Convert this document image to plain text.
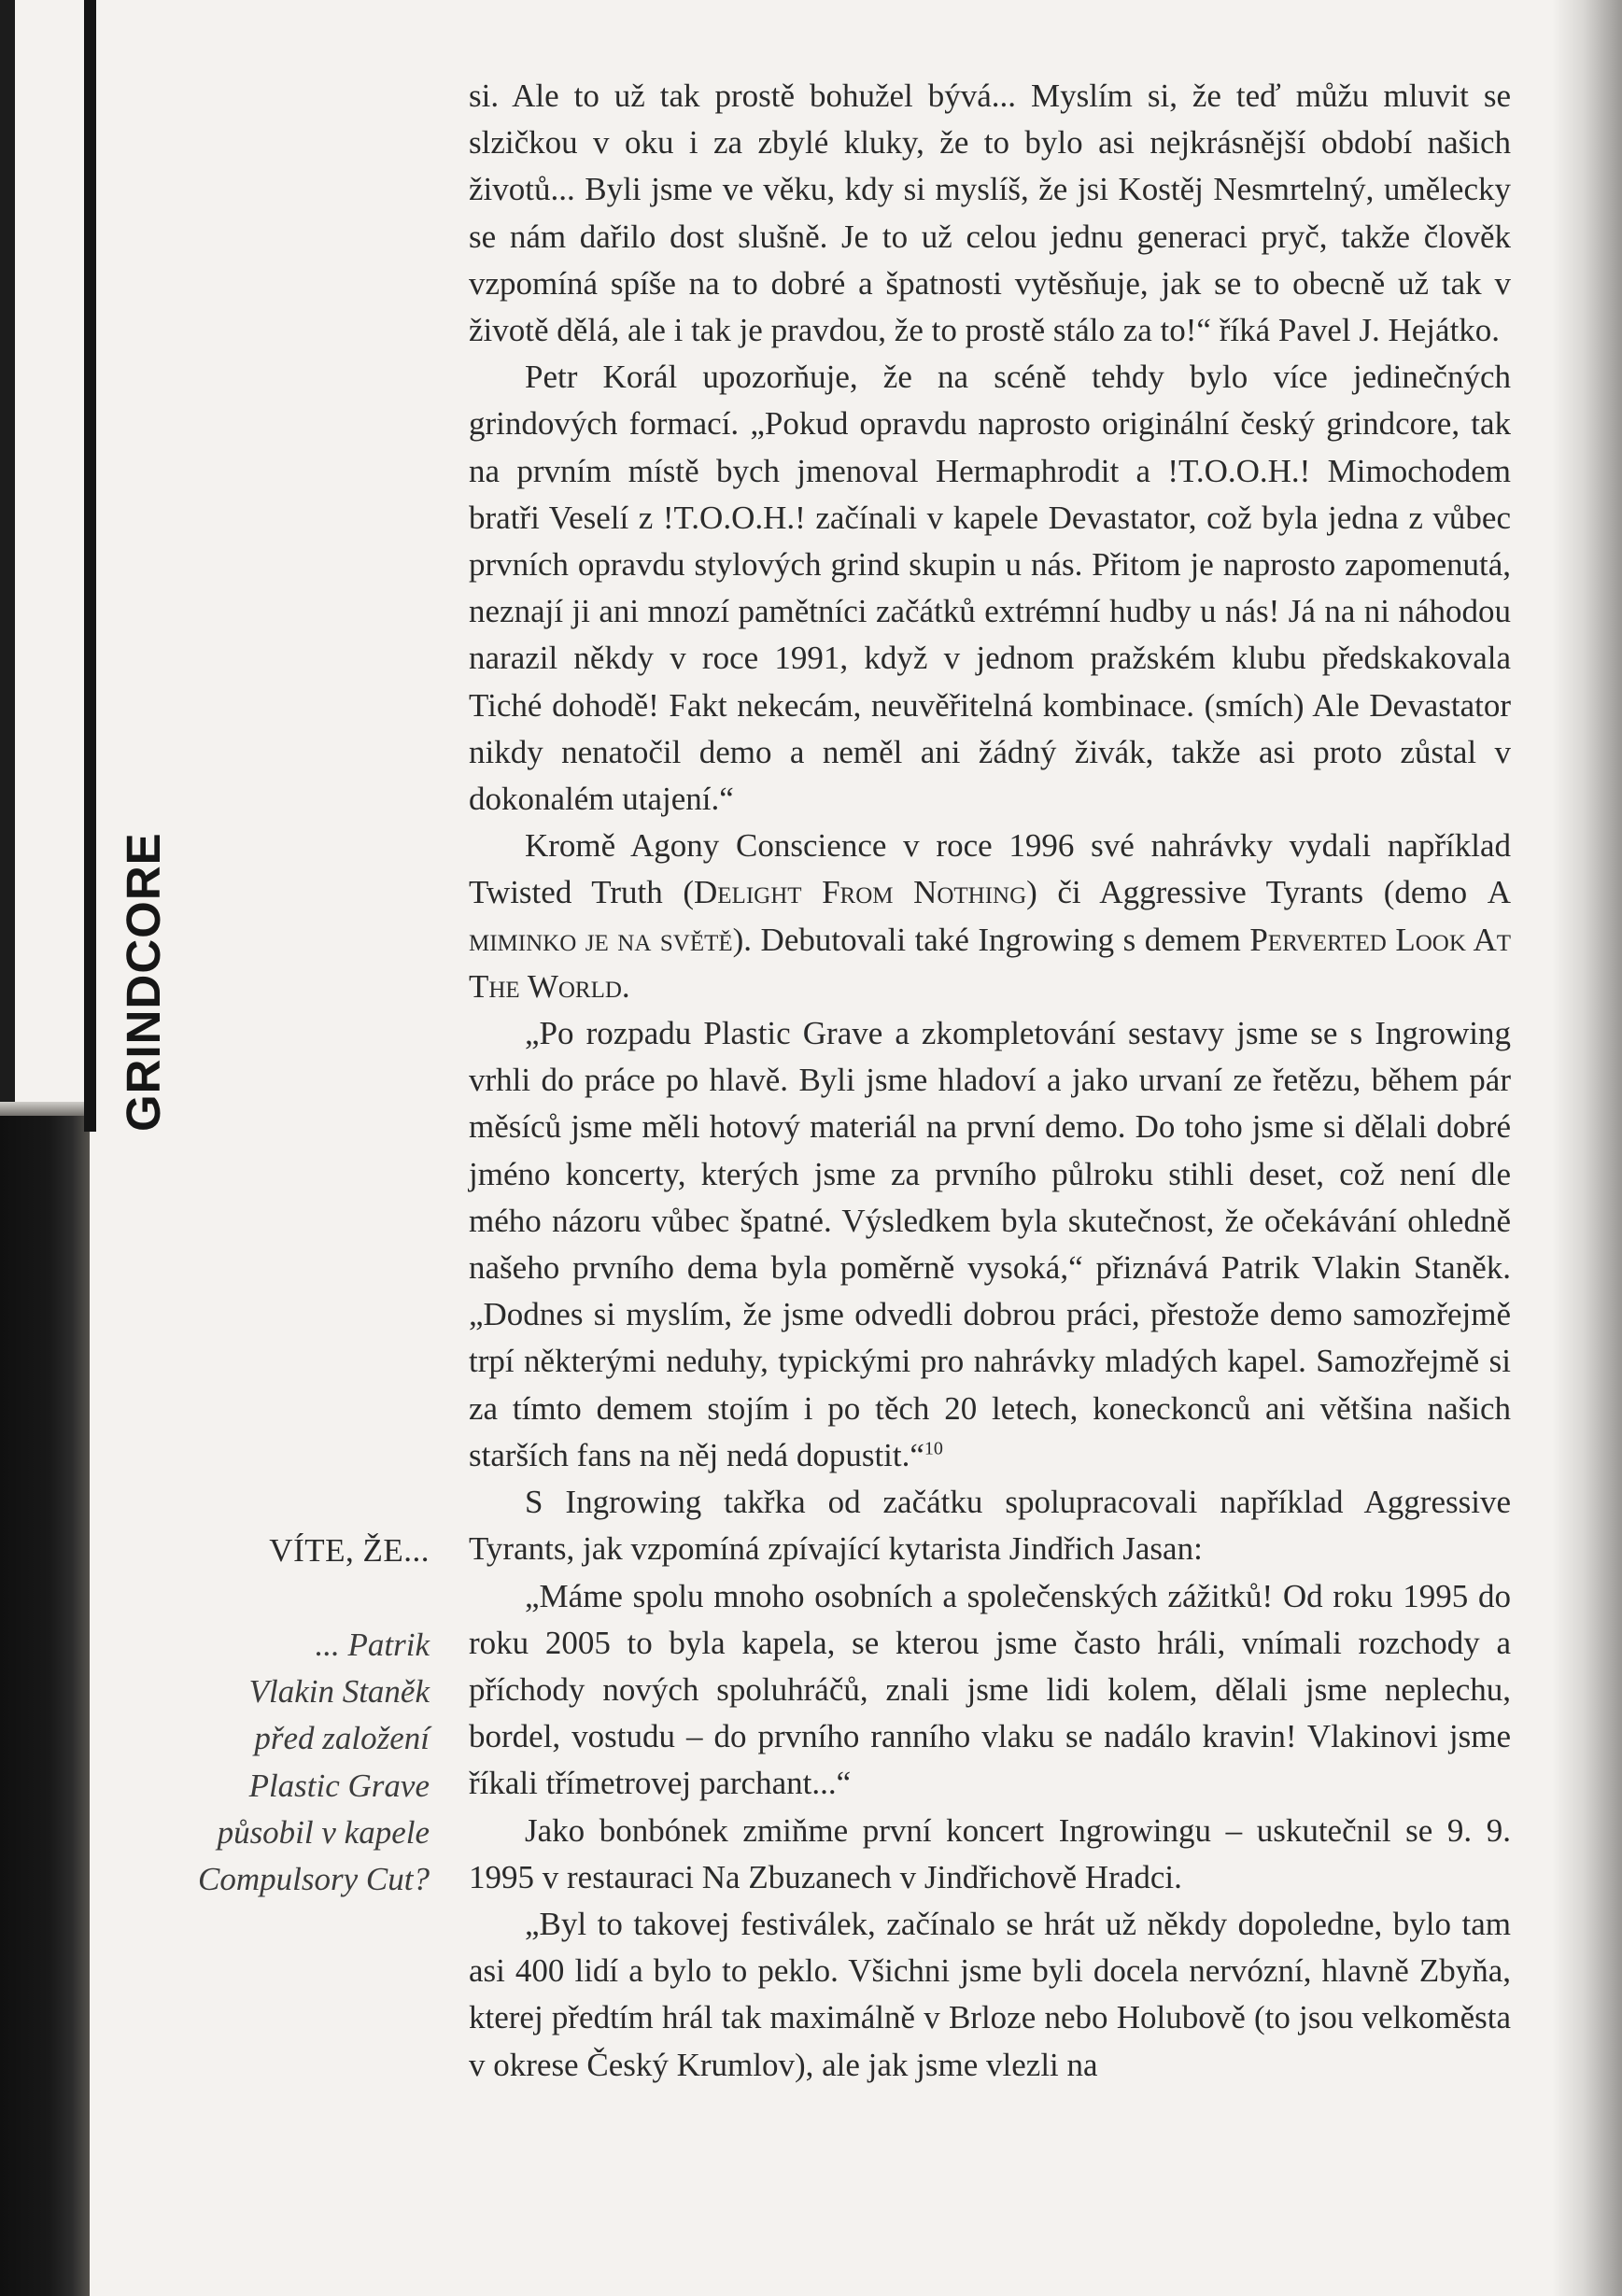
GRINDCORE
VÍTE, ŽE...
... Patrik
Vlakin Staněk
před založení
Plastic Grave
působil v kapele
Compulsory Cut?

si. Ale to už tak prostě bohužel bývá... Myslím si, že teď můžu mluvit se slzičkou v oku i za zbylé kluky, že to bylo asi nejkrásnější období našich životů... Byli jsme ve věku, kdy si myslíš, že jsi Kostěj Nesmrtelný, umělecky se nám dařilo dost slušně. Je to už celou jednu generaci pryč, takže člověk vzpomíná spíše na to dobré a špatnosti vytěsňuje, jak se to obecně už tak v životě dělá, ale i tak je pravdou, že to prostě stálo za to!“ říká Pavel J. Hejátko.

Petr Korál upozorňuje, že na scéně tehdy bylo více jedinečných grindových formací. „Pokud opravdu naprosto originální český grindcore, tak na prvním místě bych jmenoval Hermaphrodit a !T.O.O.H.! Mimochodem bratři Veselí z !T.O.O.H.! začínali v kapele Devastator, což byla jedna z vůbec prvních opravdu stylových grind skupin u nás. Přitom je naprosto zapomenutá, neznají ji ani mnozí pamětníci začátků extrémní hudby u nás! Já na ni náhodou narazil někdy v roce 1991, když v jednom pražském klubu předskakovala Tiché dohodě! Fakt nekecám, neuvěřitelná kombinace. (smích) Ale Devastator nikdy nenatočil demo a neměl ani žádný živák, takže asi proto zůstal v dokonalém utajení.“

Kromě Agony Conscience v roce 1996 své nahrávky vydali například Twisted Truth (Delight From Nothing) či Aggressive Tyrants (demo A miminko je na světě). Debutovali také Ingrowing s demem Perverted Look At The World.

„Po rozpadu Plastic Grave a zkompletování sestavy jsme se s Ingrowing vrhli do práce po hlavě. Byli jsme hladoví a jako urvaní ze řetězu, během pár měsíců jsme měli hotový materiál na první demo. Do toho jsme si dělali dobré jméno koncerty, kterých jsme za prvního půlroku stihli deset, což není dle mého názoru vůbec špatné. Výsledkem byla skutečnost, že očekávání ohledně našeho prvního dema byla poměrně vysoká,“ přiznává Patrik Vlakin Staněk. „Dodnes si myslím, že jsme odvedli dobrou práci, přestože demo samozřejmě trpí některými neduhy, typickými pro nahrávky mladých kapel. Samozřejmě si za tímto demem stojím i po těch 20 letech, koneckonců ani většina našich starších fans na něj nedá dopustit.“$^{10}$

S Ingrowing takřka od začátku spolupracovali například Aggressive Tyrants, jak vzpomíná zpívající kytarista Jindřich Jasan:

„Máme spolu mnoho osobních a společenských zážitků! Od roku 1995 do roku 2005 to byla kapela, se kterou jsme často hráli, vnímali rozchody a příchody nových spoluhráčů, znali jsme lidi kolem, dělali jsme neplechu, bordel, vostudu – do prvního ranního vlaku se nadálo kravin! Vlakinovi jsme říkali třímetrovej parchant...“

Jako bonbónek zmiňme první koncert Ingrowingu – uskutečnil se 9. 9. 1995 v restauraci Na Zbuzanech v Jindřichově Hradci.

„Byl to takovej festiválek, začínalo se hrát už někdy dopoledne, bylo tam asi 400 lidí a bylo to peklo. Všichni jsme byli docela nervózní, hlavně Zbyňa, kterej předtím hrál tak maximálně v Brloze nebo Holubově (to jsou velkoměsta v okrese Český Krumlov), ale jak jsme vlezli na
